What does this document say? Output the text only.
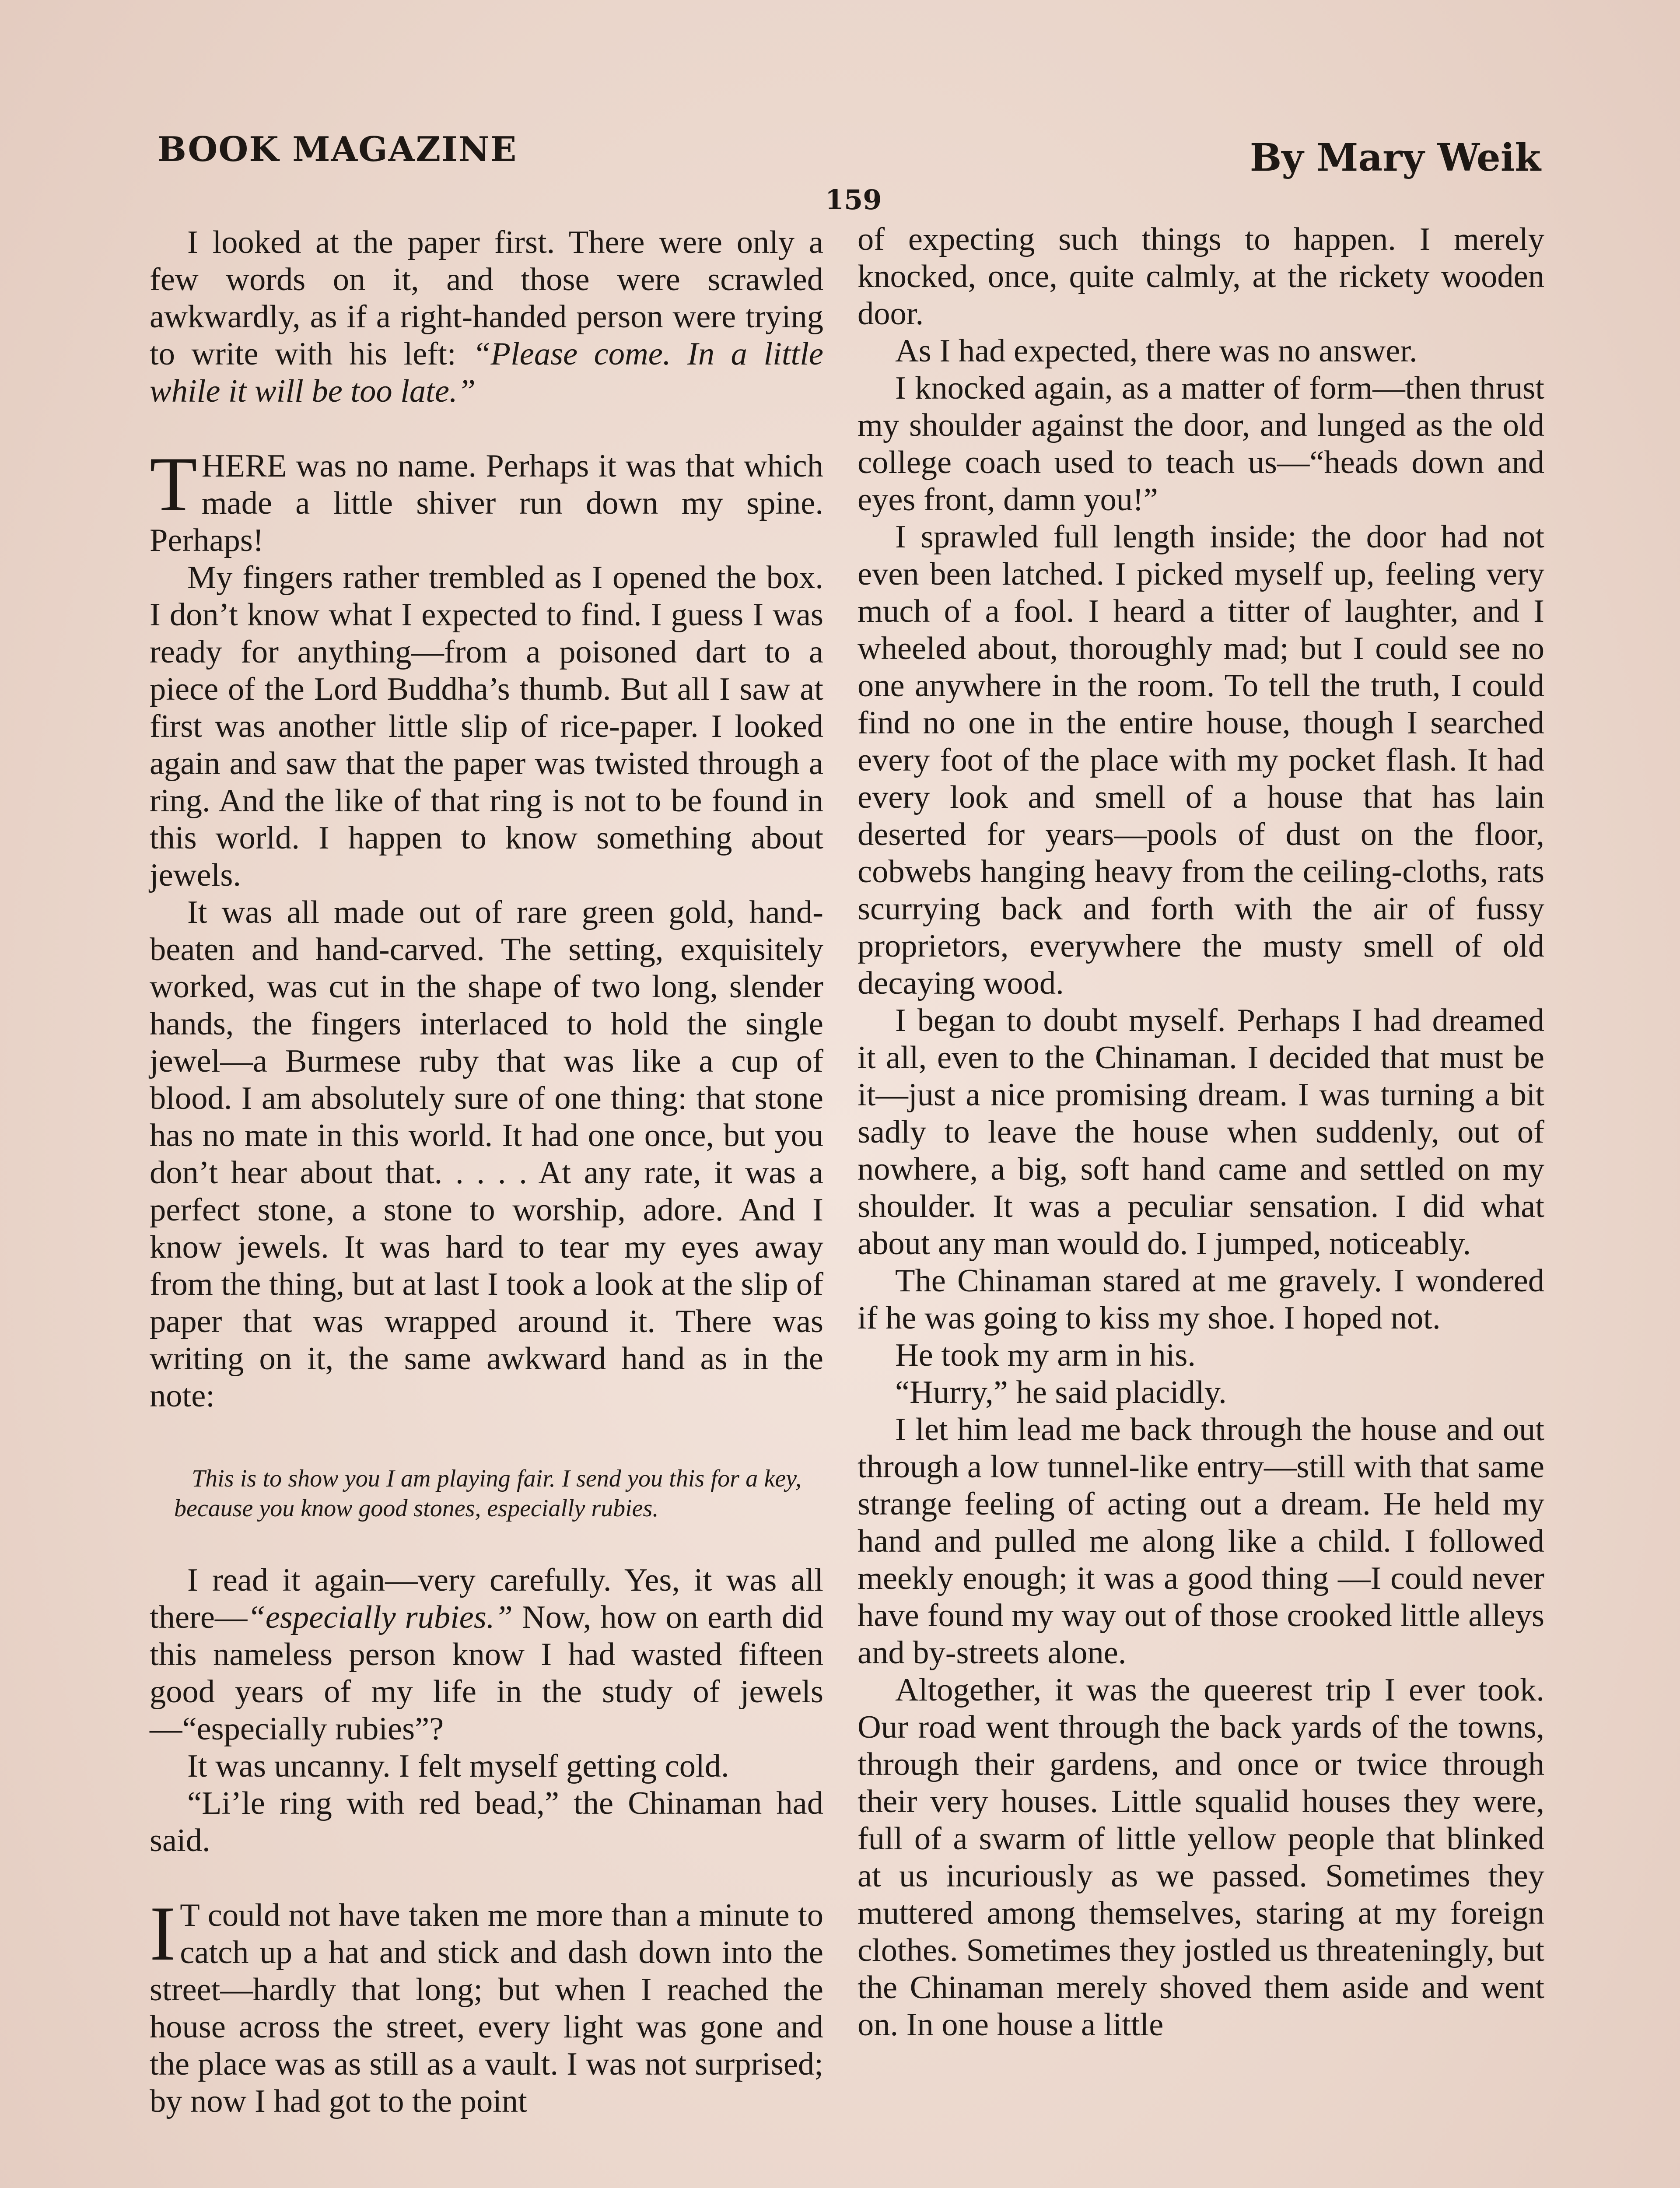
BOOK MAGAZINE	By Mary Weik
159

I looked at the paper first. There were only a few words on it, and those were scrawled awkwardly, as if a right-handed person were trying to write with his left: “Please come. In a little while it will be too late.”

THERE was no name. Perhaps it was that which made a little shiver run down my spine. Perhaps!

My fingers rather trembled as I opened the box. I don’t know what I expected to find. I guess I was ready for anything—from a poisoned dart to a piece of the Lord Buddha’s thumb. But all I saw at first was another little slip of rice-paper. I looked again and saw that the paper was twisted through a ring. And the like of that ring is not to be found in this world. I happen to know something about jewels.

It was all made out of rare green gold, hand-beaten and hand-carved. The setting, exquisitely worked, was cut in the shape of two long, slender hands, the fingers interlaced to hold the single jewel—a Burmese ruby that was like a cup of blood. I am absolutely sure of one thing: that stone has no mate in this world. It had one once, but you don’t hear about that. . . . . At any rate, it was a perfect stone, a stone to worship, adore. And I know jewels. It was hard to tear my eyes away from the thing, but at last I took a look at the slip of paper that was wrapped around it. There was writing on it, the same awkward hand as in the note:

This is to show you I am playing fair. I send you this for a key, because you know good stones, especially rubies.

I read it again—very carefully. Yes, it was all there—“especially rubies.” Now, how on earth did this nameless person know I had wasted fifteen good years of my life in the study of jewels—“especially rubies”?

It was uncanny. I felt myself getting cold.

“Li’le ring with red bead,” the Chinaman had said.

I T could not have taken me more than a minute to catch up a hat and stick and dash down into the street—hardly that long; but when I reached the house across the street, every light was gone and the place was as still as a vault. I was not surprised; by now I had got to the point

of expecting such things to happen. I merely knocked, once, quite calmly, at the rickety wooden door.

As I had expected, there was no answer.

I knocked again, as a matter of form—then thrust my shoulder against the door, and lunged as the old college coach used to teach us—“heads down and eyes front, damn you!”

I sprawled full length inside; the door had not even been latched. I picked myself up, feeling very much of a fool. I heard a titter of laughter, and I wheeled about, thoroughly mad; but I could see no one anywhere in the room. To tell the truth, I could find no one in the entire house, though I searched every foot of the place with my pocket flash. It had every look and smell of a house that has lain deserted for years—pools of dust on the floor, cobwebs hanging heavy from the ceiling-cloths, rats scurrying back and forth with the air of fussy proprietors, everywhere the musty smell of old decaying wood.

I began to doubt myself. Perhaps I had dreamed it all, even to the Chinaman. I decided that must be it—just a nice promising dream. I was turning a bit sadly to leave the house when suddenly, out of nowhere, a big, soft hand came and settled on my shoulder. It was a peculiar sensation. I did what about any man would do. I jumped, noticeably.

The Chinaman stared at me gravely. I wondered if he was going to kiss my shoe. I hoped not.

He took my arm in his.

“Hurry,” he said placidly.

I let him lead me back through the house and out through a low tunnel-like entry—still with that same strange feeling of acting out a dream. He held my hand and pulled me along like a child. I followed meekly enough; it was a good thing —I could never have found my way out of those crooked little alleys and by-streets alone.

Altogether, it was the queerest trip I ever took. Our road went through the back yards of the towns, through their gardens, and once or twice through their very houses. Little squalid houses they were, full of a swarm of little yellow people that blinked at us incuriously as we passed. Sometimes they muttered among themselves, staring at my foreign clothes. Sometimes they jostled us threateningly, but the Chinaman merely shoved them aside and went on. In one house a little
